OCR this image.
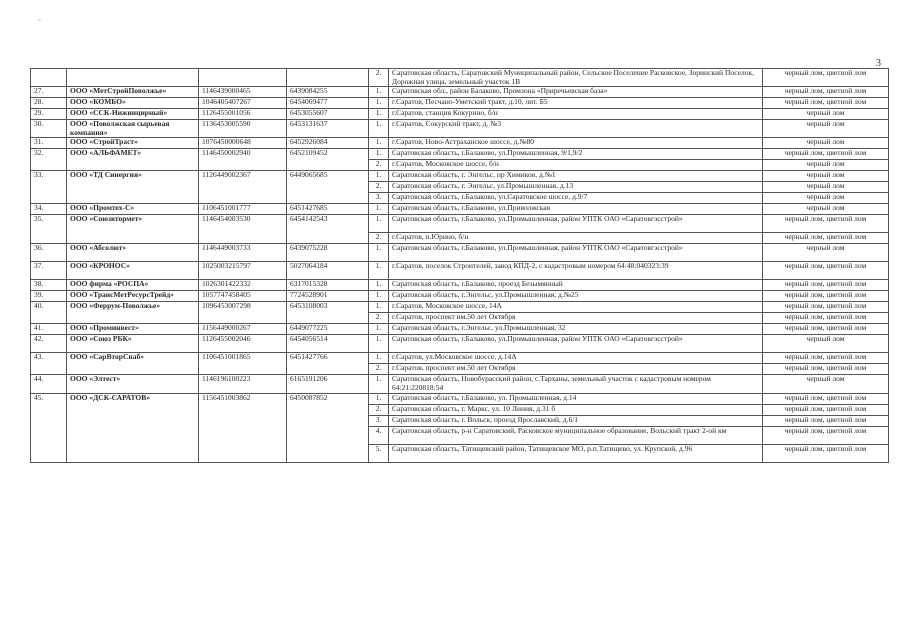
-
3
				2.	Саратовская область, Саратовский Муниципальный район, Сельское Поселение Расковское, Зоринский Поселок, Дорожная улица, земельный участок 1В	черный лом, цветной лом
27.	ООО «МетСтройПоволжье»	1146439000465	6439084255	1.	Саратовская обл., район Балаково, Промзона «Приречьевская база»	черный лом, цветной лом
28.	ООО «КОМБО»	1046405407267	6454069477	1.	г.Саратов, Песчано-Уметский тракт, д.10, лит. Б5	черный лом, цветной лом
29.	ООО «ССК-Нижинцирный»	1126455001056	6453055607	1.	г.Саратов, станция Кокурино, б/н	черный лом
30.	ООО «Поволжская сырьевая компания»	1136453005590	6453131637	1.	г.Саратов, Сокурский тракт, д. №3	черный лом
31.	ООО «СтройТраст»	1076450000648	6452926084	1.	г.Саратов, Ново-Астраханское шоссе, д.№80	черный лом
32.	ООО «АЛЬФАМЕТ»	1146450002940	6452109452	1.	Саратовская область, г.Балаково, ул.Промышленная, 9/1,9/2	черный лом, цветной лом
				2.	г.Саратов, Московское шоссе, б/н	черный лом
33.	ООО «ТД Синергия»	1126449002367	6449065685	1.	Саратовская область, г. Энгельс, пр Химиков, д.№1	черный лом
				2.	Саратовская область, г. Энгельс, ул.Промышленная, д.13	черный лом
				3.	Саратовская область, г.Балаково, ул.Саратовское шоссе, д.9/7	черный лом
34.	ООО «Промтех-С»	1106451001777	6451427685	1.	Саратовская область, г.Балаково, ул.Приволжская	черный лом
35.	ООО «Союзвтормет»	1146454003530	6454142543	1.	Саратовская область, г.Балаково, ул.Промышленная, район УПТК ОАО «Саратовгэсстрой»	черный лом, цветной лом
				2.	г.Саратов, п.Юрино, б/н	черный лом, цветной лом
36.	ООО «Абсолют»	1146449003733	6439075228	1.	Саратовская область, г.Балаково, ул.Промышленная, район УПТК ОАО «Саратовгэсстрой»	черный лом
37.	ООО «КРОНОС»	1025003215797	5027064184	1.	г.Саратов, поселок Строителей, завод КПД-2, с кадастровым номером 64:48:040323:39	черный лом, цветной лом
38.	ООО фирма «РОСПА»	1026301422332	6317015328	1.	Саратовская область, г.Балаково, проезд Безымянный	черный лом, цветной лом
39.	ООО «ТрансМетРесурсТрейд»	1057747458405	7724528901	1.	Саратовская область, г.Энгельс, ул.Промышленная, д.№25	черный лом, цветной лом
40.	ООО «Феррум-Поволжье»	1096453007298	6453108003	1.	г.Саратов, Московское шоссе, 14А	черный лом, цветной лом
				2.	г.Саратов, проспект им.50 лет Октября	черный лом, цветной лом
41.	ООО «Проминвест»	1156449000267	6449077225	1.	Саратовская область, г.Энгельс, ул.Промышленная, 32	черный лом, цветной лом
42.	ООО «Союз РБК»	1126455002046	6454056514	1.	Саратовская область, г.Балаково, ул.Промышленная, район УПТК ОАО «Саратовгэсстрой»	черный лом
43.	ООО «СарВторСнаб»	1106451001865	6451427766	1.	г.Саратов, ул.Московское шоссе, д.14А	черный лом, цветной лом
				2.	г.Саратов, проспект им.50 лет Октября	черный лом, цветной лом
44.	ООО «Элтест»	1146196100223	6165191206	1.	Саратовская область, Новобурасский район, с.Тарханы, земельный участок с кадастровым номером 64:21:220818:54	черный лом
45.	ООО «ДСК-САРАТОВ»	1156451003862	6450087852	1.	Саратовская область, г.Балаково, ул. Промышленная, д.14	черный лом, цветной лом
				2.	Саратовская область, г. Маркс, ул. 10 Линия, д.31 б	черный лом, цветной лом
				3.	Саратовская область, г. Вольск, проезд Ярославский, д.6/1	черный лом, цветной лом
				4.	Саратовская область, р-н Саратовский, Расковское муниципальное образование, Вольский тракт 2-ой км	черный лом, цветной лом
				5.	Саратовская область, Татищевский район, Татищевское МО, р.п.Татищево, ул. Крупской, д.96	черный лом, цветной лом
